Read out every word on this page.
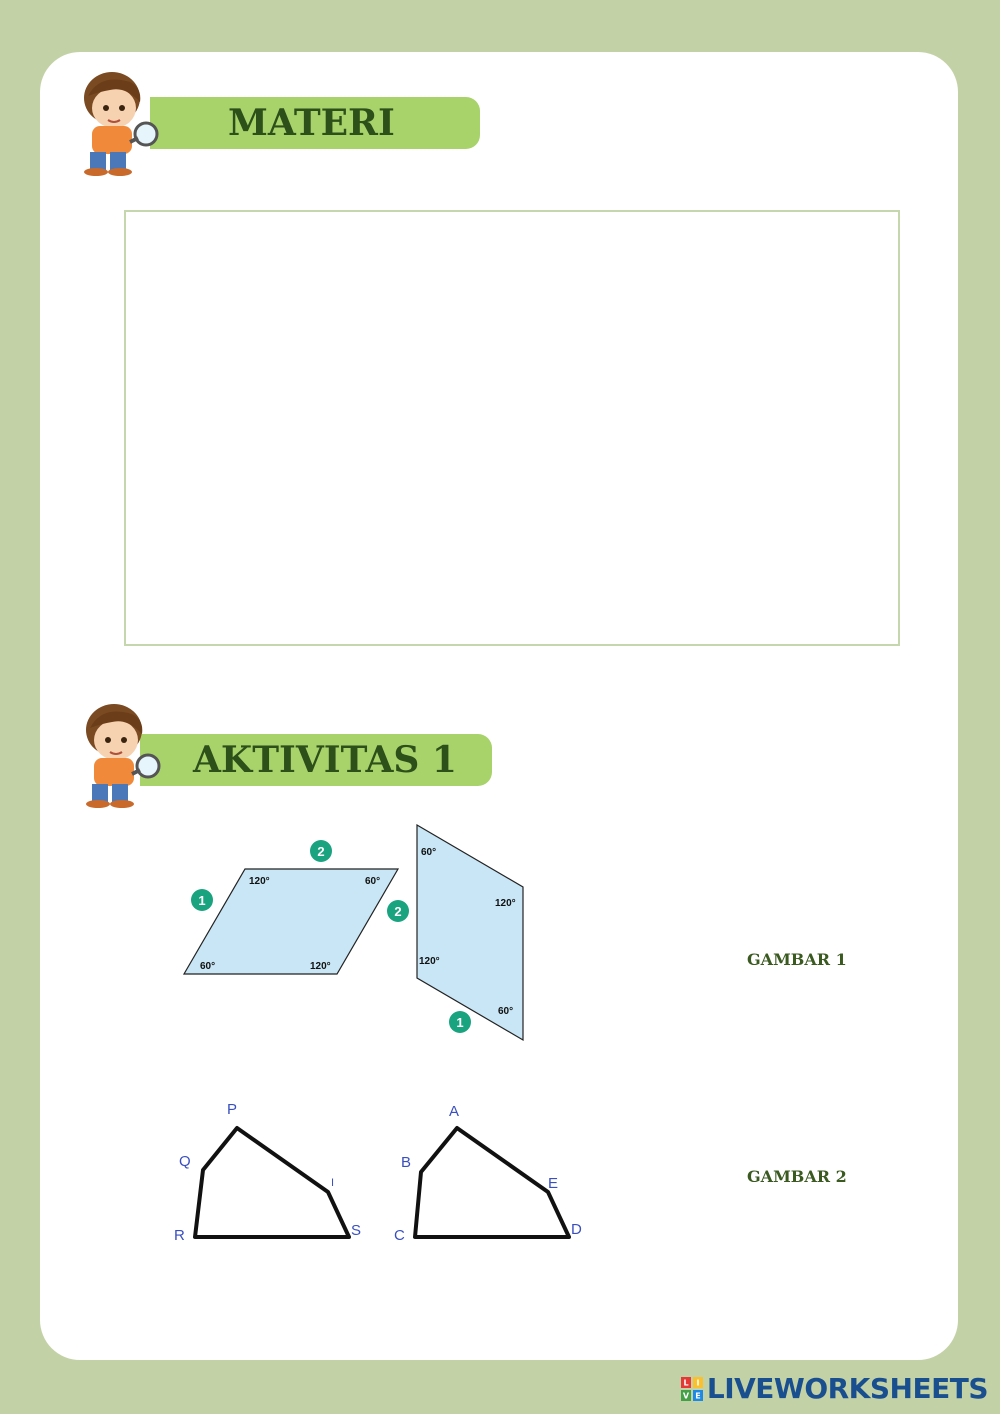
MATERI
AKTIVITAS 1
120°	60°
60°	120°
60°
120°
120°
60°
1
2
2
1
GAMBAR 1
P
Q
R	S
I
A
B
C	D
E	GAMBAR 2
L I
V E LIVEWORKSHEETS
